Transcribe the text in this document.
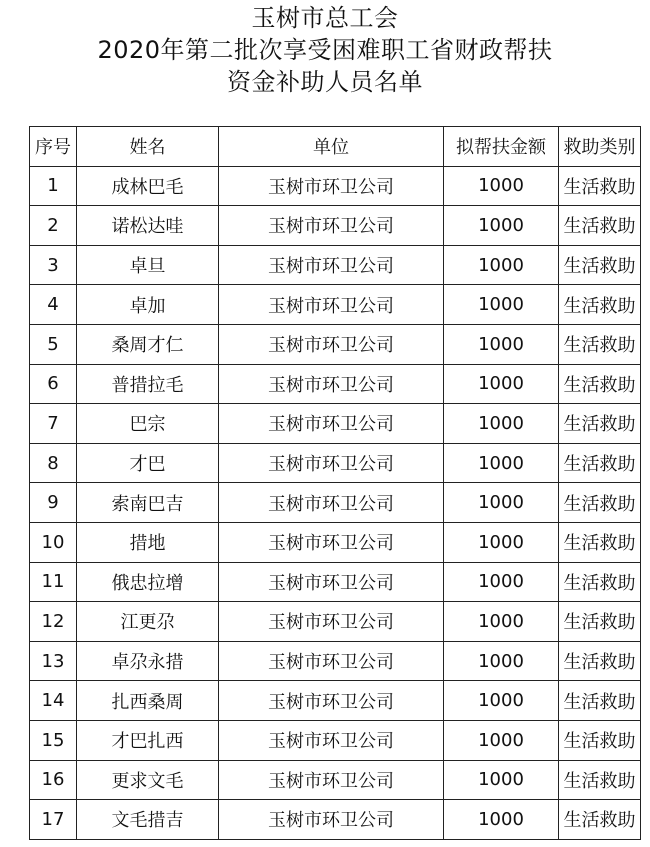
玉树市总工会
2020年第二批次享受困难职工省财政帮扶
资金补助人员名单
序号	姓名	单位	拟帮扶金额	救助类别
1	成林巴毛	玉树市环卫公司	1000	生活救助
2	诺松达哇	玉树市环卫公司	1000	生活救助
3	卓旦	玉树市环卫公司	1000	生活救助
4	卓加	玉树市环卫公司	1000	生活救助
5	桑周才仁	玉树市环卫公司	1000	生活救助
6	普措拉毛	玉树市环卫公司	1000	生活救助
7	巴宗	玉树市环卫公司	1000	生活救助
8	才巴	玉树市环卫公司	1000	生活救助
9	索南巴吉	玉树市环卫公司	1000	生活救助
10	措地	玉树市环卫公司	1000	生活救助
11	俄忠拉增	玉树市环卫公司	1000	生活救助
12	江更尕	玉树市环卫公司	1000	生活救助
13	卓尕永措	玉树市环卫公司	1000	生活救助
14	扎西桑周	玉树市环卫公司	1000	生活救助
15	才巴扎西	玉树市环卫公司	1000	生活救助
16	更求文毛	玉树市环卫公司	1000	生活救助
17	文毛措吉	玉树市环卫公司	1000	生活救助
